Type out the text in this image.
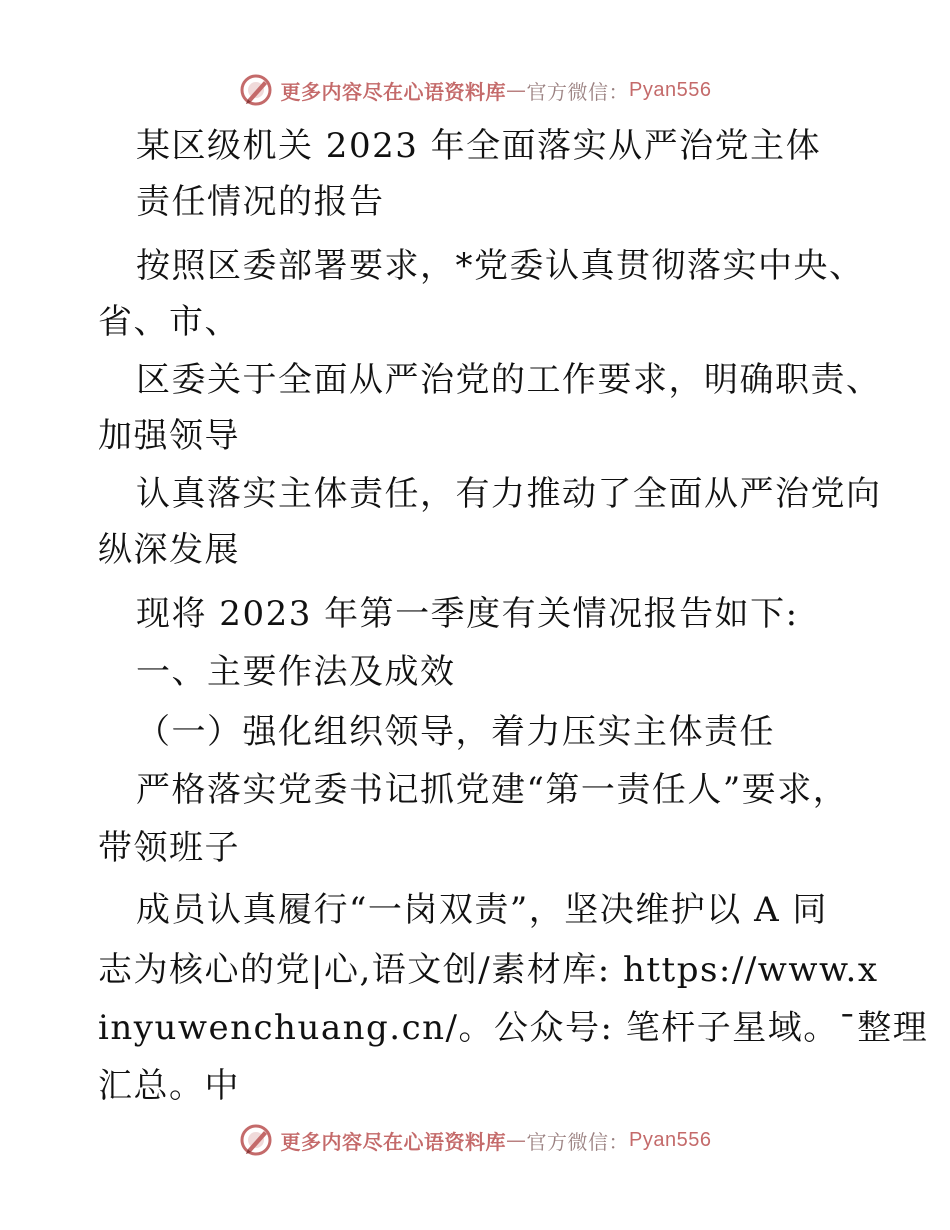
更多内容尽在心语资料库 — 官方微信： Pyan556
某区级机关 2023 年全面落实从严治党主体
责任情况的报告
按照区委部署要求，*党委认真贯彻落实中央、
省、市、
区委关于全面从严治党的工作要求，明确职责、
加强领导
认真落实主体责任，有力推动了全面从严治党向
纵深发展
现将 2023 年第一季度有关情况报告如下:
一、主要作法及成效
（一）强化组织领导，着力压实主体责任
严格落实党委书记抓党建“第一责任人”要求，
带领班子
成员认真履行“一岗双责”，坚决维护以 A 同
志为核心的党|心,语文创/素材库: https://www.x
inyuwenchuang.cn/。公众号: 笔杆子星域。¯整理
汇总。中
更多内容尽在心语资料库 — 官方微信： Pyan556
